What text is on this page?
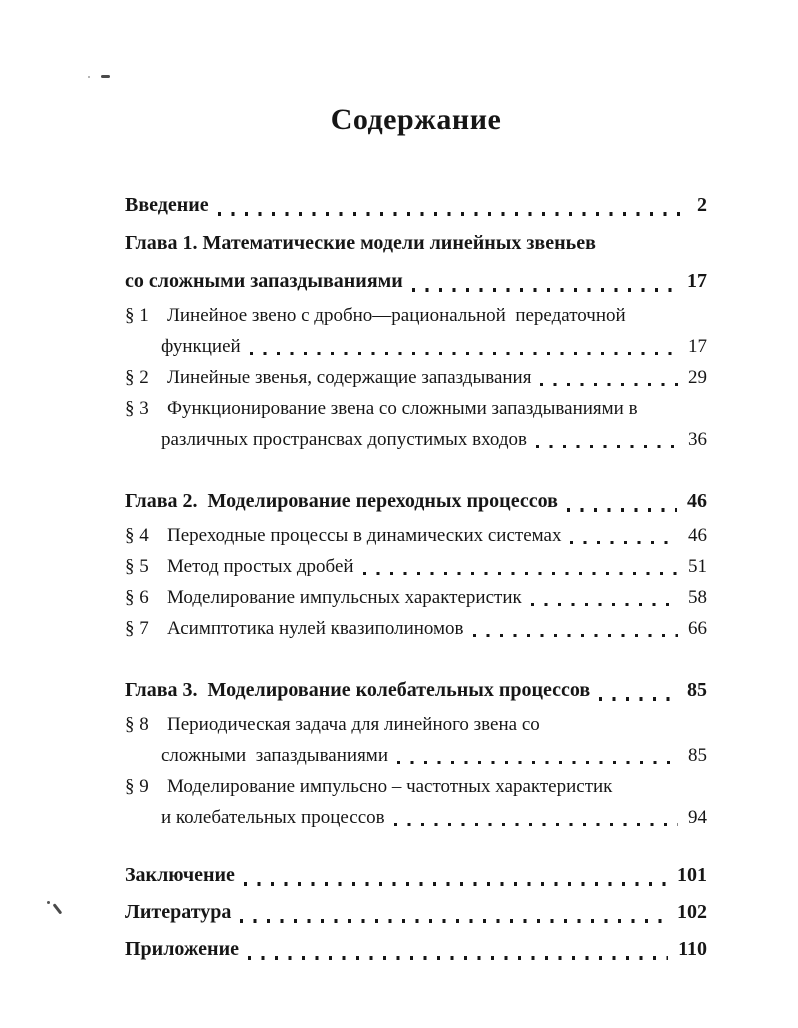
Содержание
Введение	2
Глава 1. Математические модели линейных звеньев
со сложными запаздываниями	17
§ 1 Линейное звено с дробно—рациональной  передаточной
функцией	17
§ 2 Линейные звенья, содержащие запаздывания	29
§ 3 Функционирование звена со сложными запаздываниями в
различных пространсвах допустимых входов	36
Глава 2.  Моделирование переходных процессов	46
§ 4 Переходные процессы в динамических системах	46
§ 5 Метод простых дробей	51
§ 6 Моделирование импульсных характеристик	58
§ 7 Асимптотика нулей квазиполиномов	66
Глава 3.  Моделирование колебательных процессов	85
§ 8 Периодическая задача для линейного звена со
сложными  запаздываниями	85
§ 9 Моделирование импульсно – частотных характеристик
и колебательных процессов	94
Заключение	101
Литература	102
Приложение	110
